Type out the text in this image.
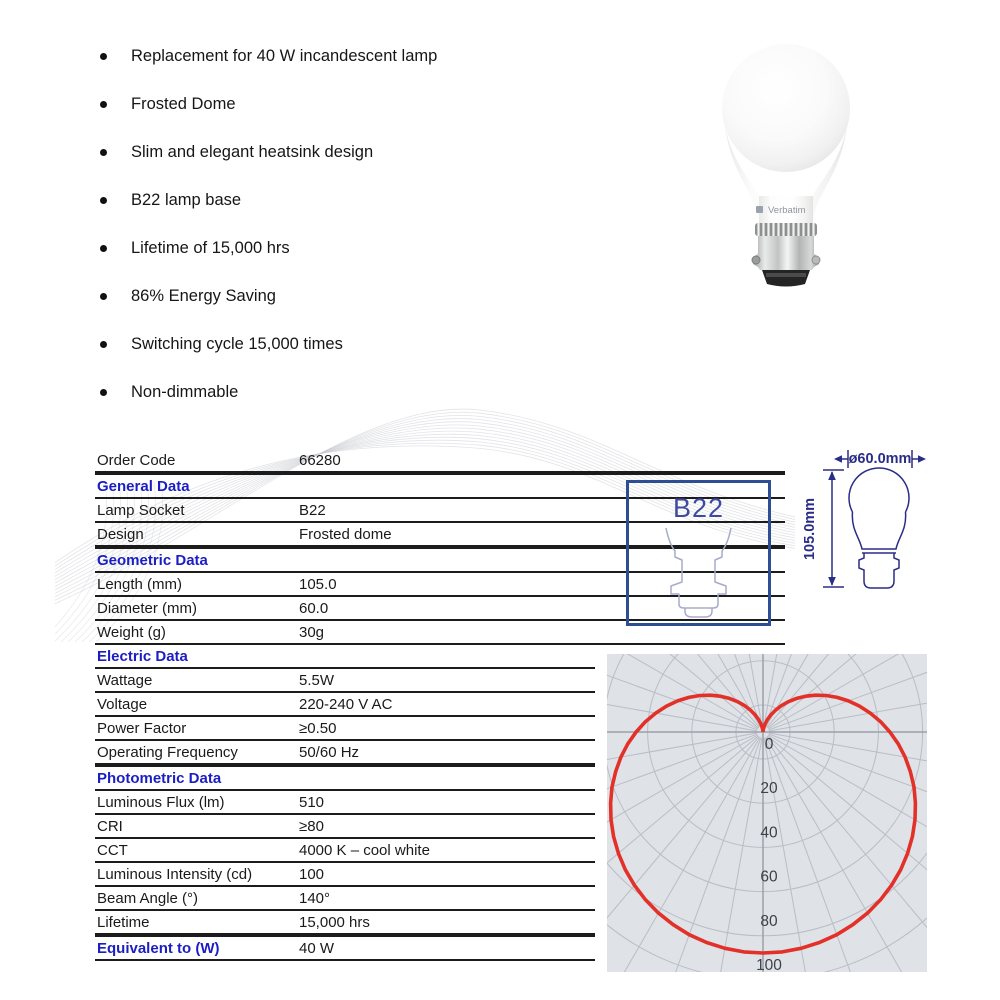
Replacement for 40 W incandescent lamp
Frosted Dome
Slim and elegant heatsink design
B22 lamp base
Lifetime of 15,000 hrs
86% Energy Saving
Switching cycle 15,000 times
Non-dimmable
Verbatim
Order Code	66280
General Data
Lamp Socket	B22
Design	Frosted dome
Geometric Data
Length (mm)	105.0
Diameter (mm)	60.0
Weight (g)	30g
Electric Data
Wattage	5.5W
Voltage	220-240 V AC
Power Factor	≥0.50
Operating Frequency	50/60 Hz
Photometric Data
Luminous Flux (lm)	510
CRI	≥80
CCT	4000 K – cool white
Luminous Intensity (cd)	100
Beam Angle (°)	140°
Lifetime	15,000 hrs
Equivalent to (W)	40 W
B22
ø60.0mm
105.0mm
0
20
40
60
80
100
